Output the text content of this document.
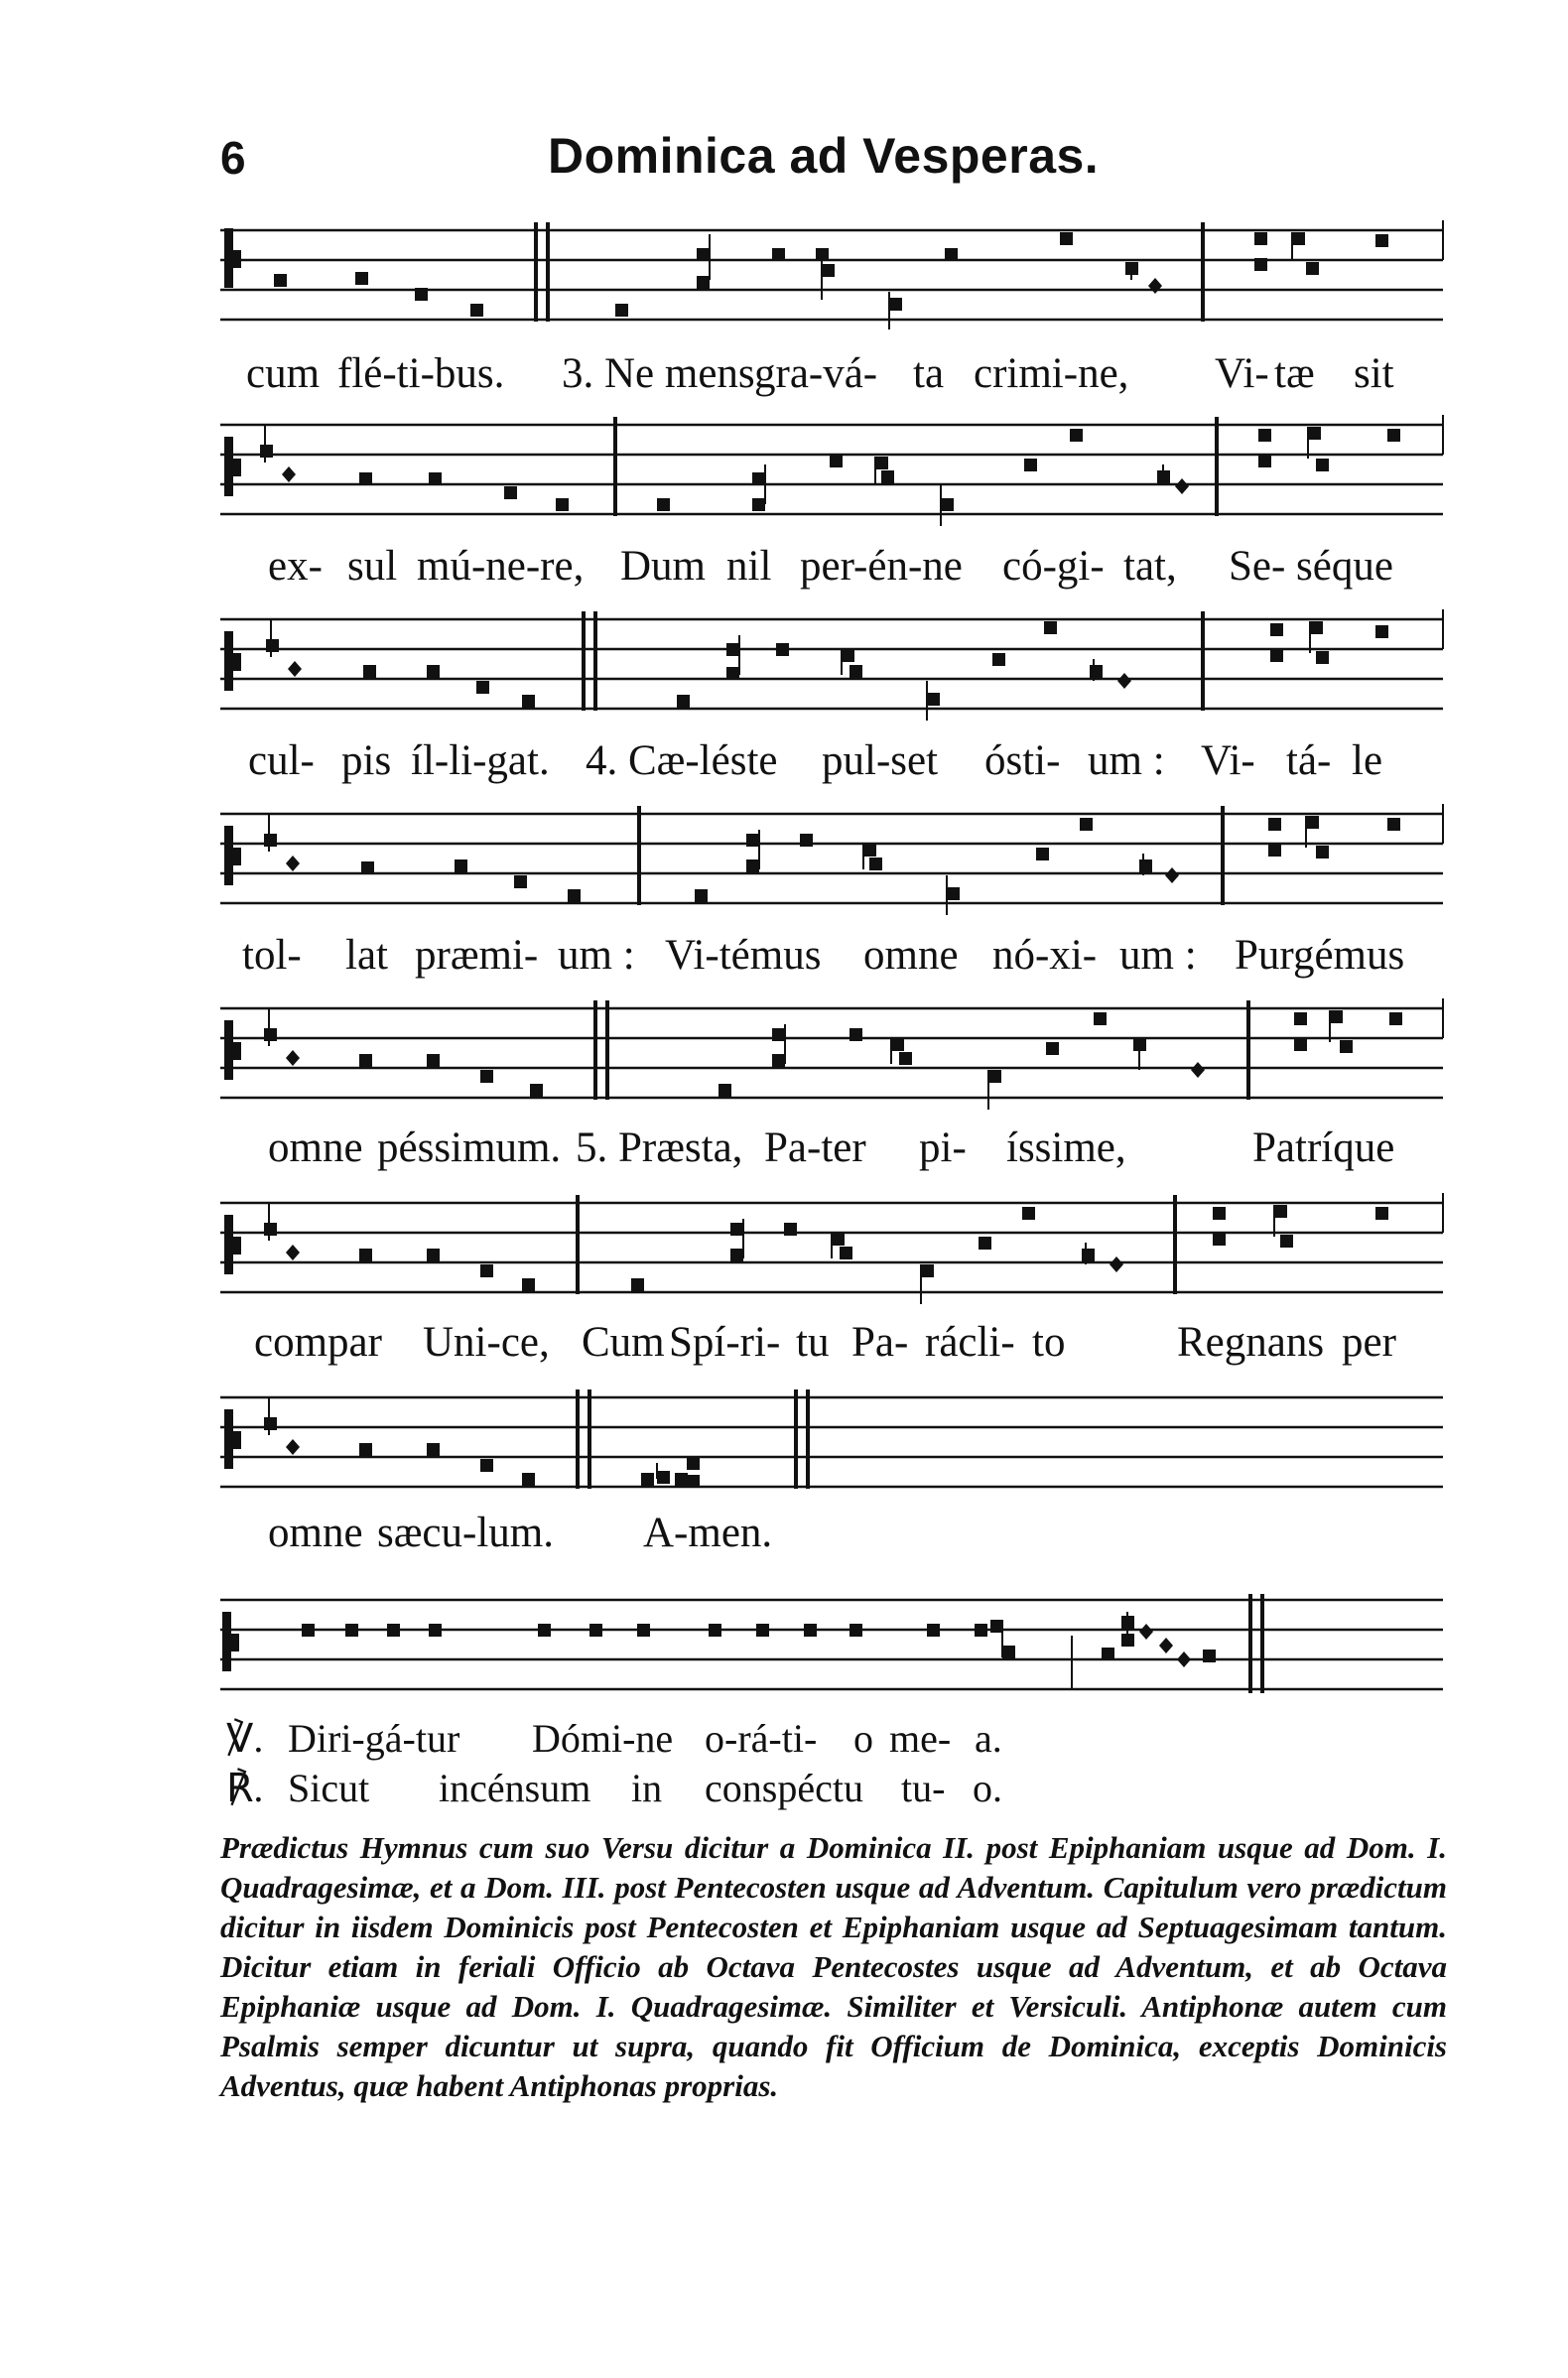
6	Dominica ad Vesperas.

cum

flé-ti-bus.

3. Ne mens

gra-vá-

ta

crimi-ne,

Vi-

tæ

sit

ex-

sul

mú-ne-re,

Dum

nil

per-én-ne

có-gi-

tat,

Se-

séque

cul-

pis

íl-li-gat.

4. Cæ-léste

pul-set

ósti-

um :

Vi-

tá-

le

tol-

lat

præmi-

um :

Vi-témus

omne

nó-xi-

um :

Purgémus

omne

péssimum.

5. Præsta,

Pa-ter

pi-

íssime,

	Patríque

compar

Uni-ce,

Cum

Spí-ri-

tu

Pa-

rácli-

to

	Regnans

per

omne

sæcu-lum.

A-men.

℣.

Diri-gá-tur

Dómi-ne

o-rá-ti-

o

me-

a.

℟.

Sicut

incénsum

in

conspéctu

tu-

o.

Prædictus Hymnus cum suo Versu dicitur a Dominica II. post Epiphaniam usque ad Dom. I. Quadragesimæ, et a Dom. III. post Pentecosten usque ad Adventum. Capitulum vero prædictum dicitur in iisdem Dominicis post Pentecosten et Epiphaniam usque ad Septuagesimam tantum. Dicitur etiam in feriali Officio ab Octava Pentecostes usque ad Adventum, et ab Octava Epiphaniæ usque ad Dom. I. Quadragesimæ. Similiter et Versiculi. Antiphonæ autem cum Psalmis semper dicuntur ut supra, quando fit Officium de Dominica, exceptis Dominicis Adventus, quæ habent Antiphonas proprias.
